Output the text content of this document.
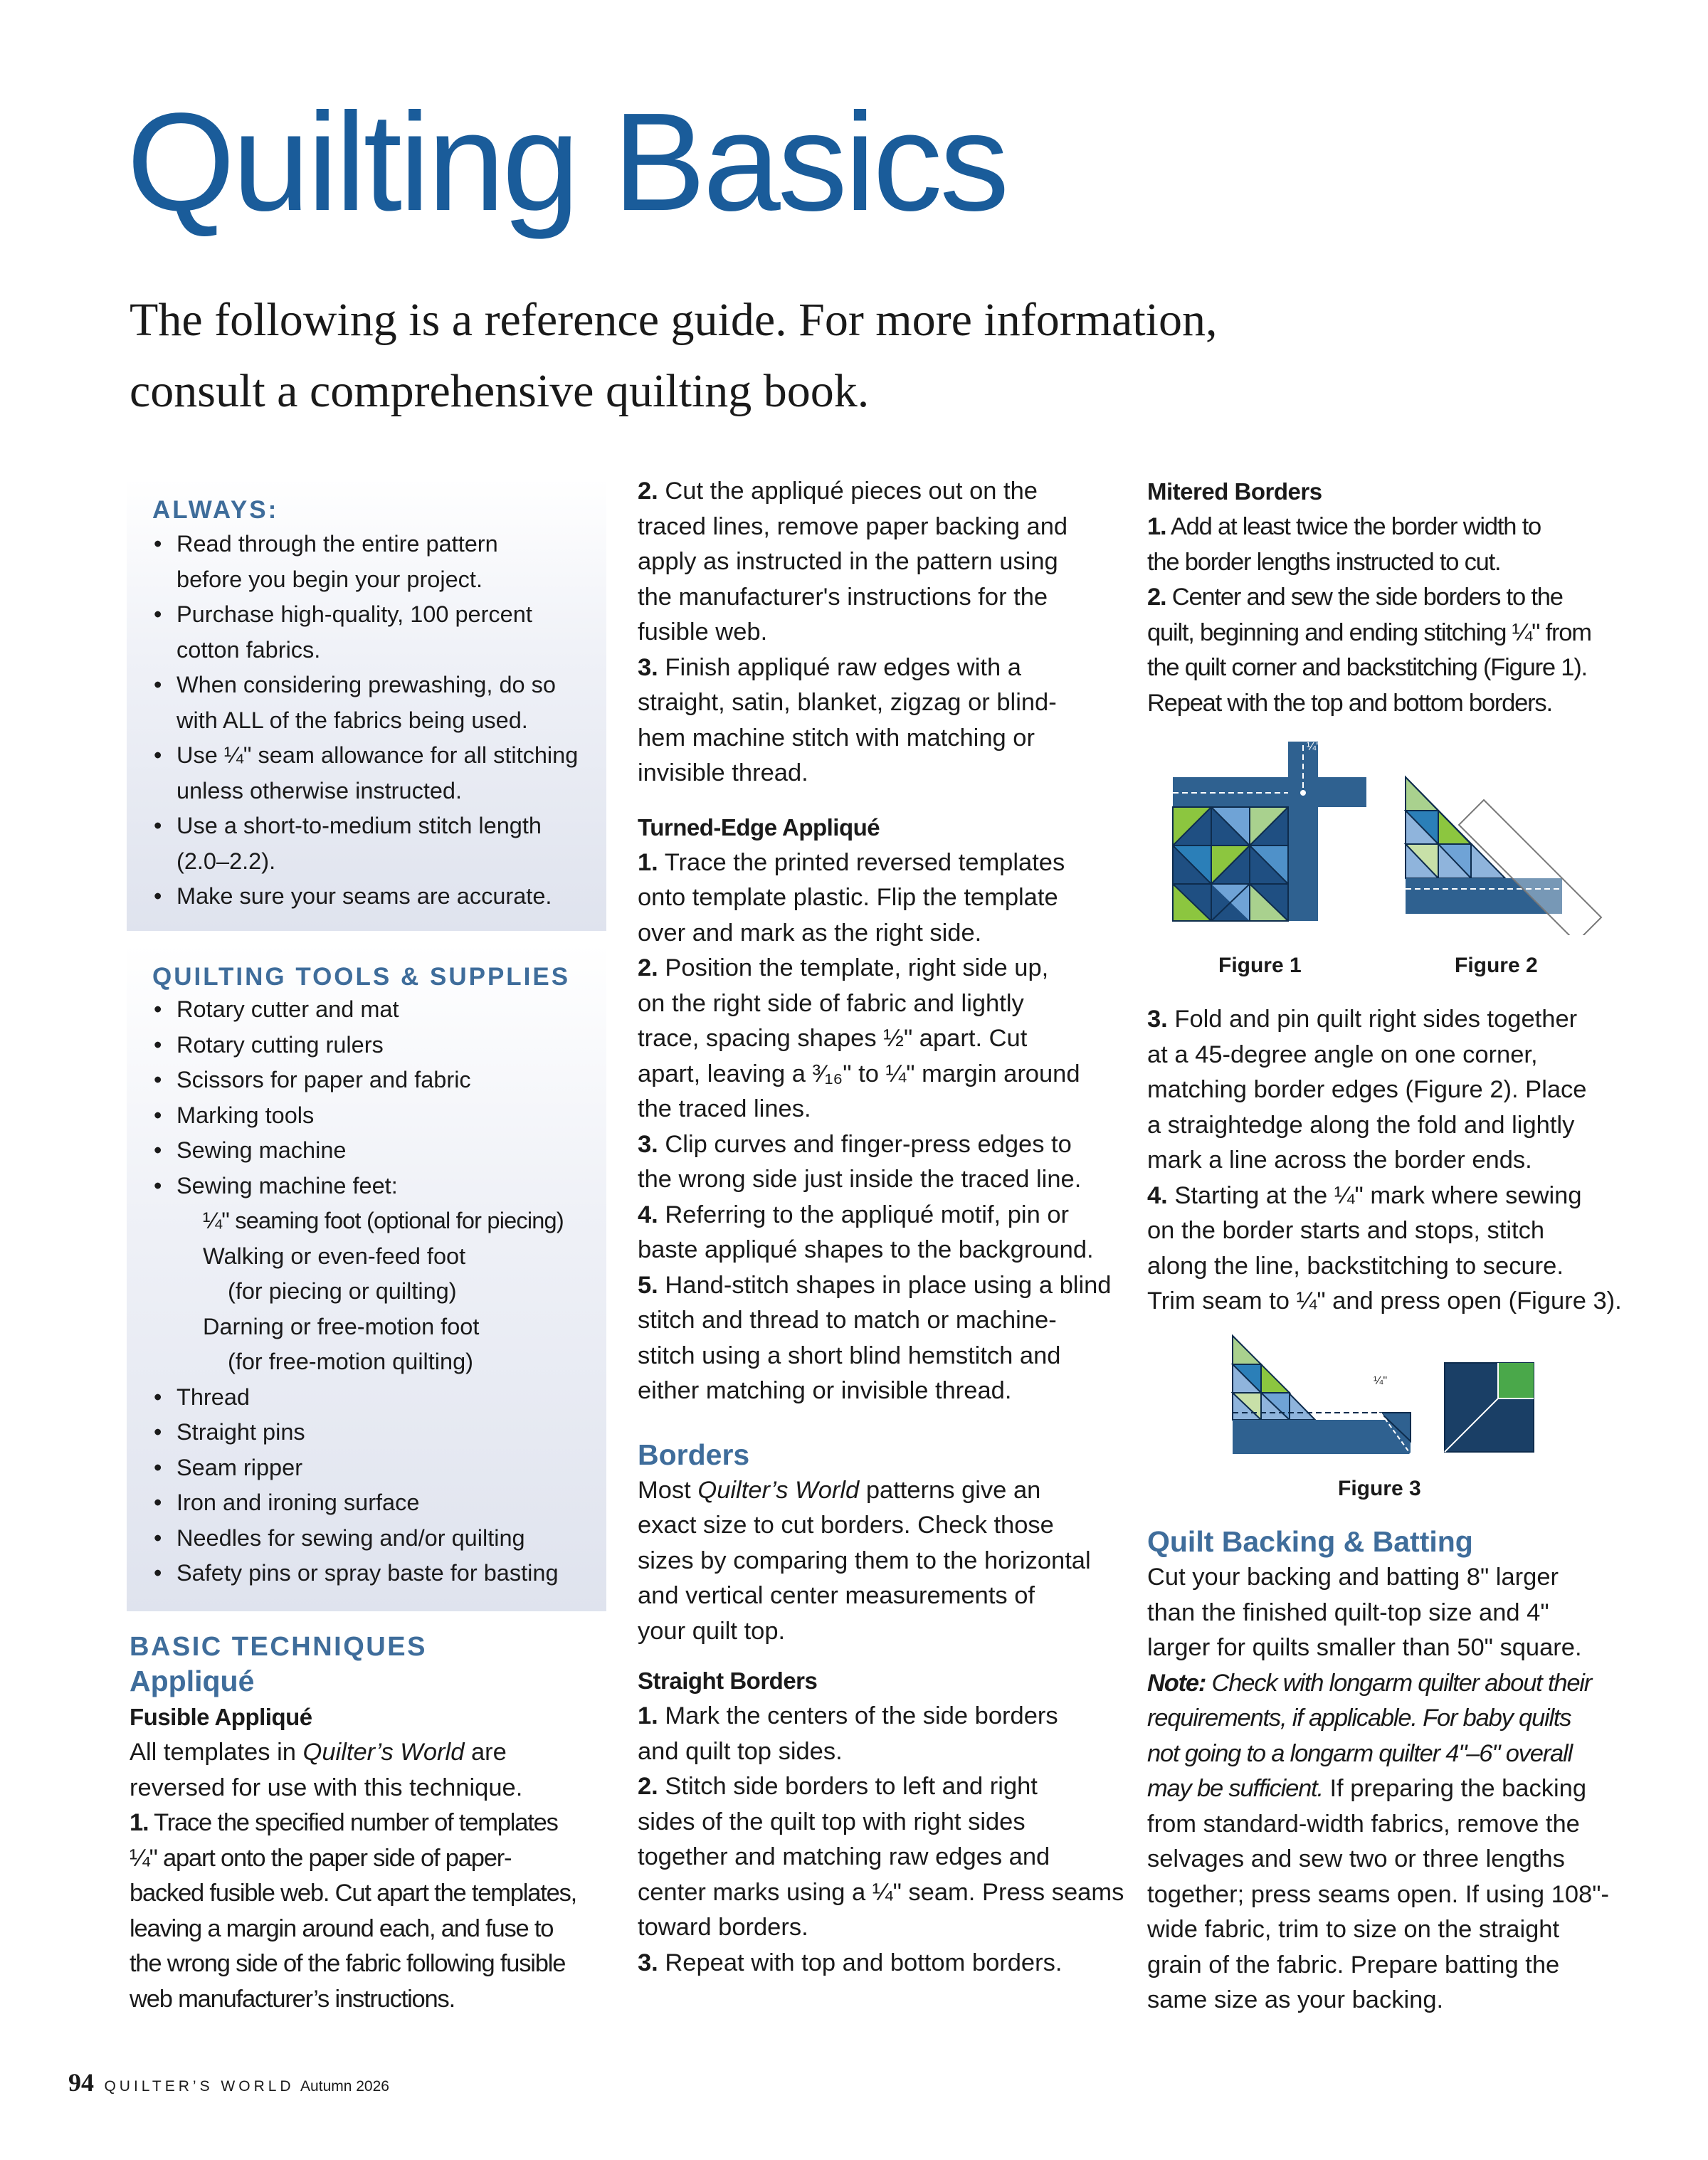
Quilting Basics
The following is a reference guide. For more information,
consult a comprehensive quilting book.
ALWAYS:
• Read through the entire pattern
before you begin your project.
• Purchase high-quality, 100 percent
cotton fabrics.
• When considering prewashing, do so
with ALL of the fabrics being used.
• Use ¼" seam allowance for all stitching
unless otherwise instructed.
• Use a short-to-medium stitch length
(2.0–2.2).
• Make sure your seams are accurate.
QUILTING TOOLS & SUPPLIES
• Rotary cutter and mat
• Rotary cutting rulers
• Scissors for paper and fabric
• Marking tools
• Sewing machine
• Sewing machine feet:
¼" seaming foot (optional for piecing)
Walking or even-feed foot
(for piecing or quilting)
Darning or free-motion foot
(for free-motion quilting)
• Thread
• Straight pins
• Seam ripper
• Iron and ironing surface
• Needles for sewing and/or quilting
• Safety pins or spray baste for basting
BASIC TECHNIQUES
Appliqué
Fusible Appliqué
All templates in Quilter’s World are
reversed for use with this technique.
1. Trace the specified number of templates
¼" apart onto the paper side of paper-
backed fusible web. Cut apart the templates,
leaving a margin around each, and fuse to
the wrong side of the fabric following fusible
web manufacturer’s instructions.
2. Cut the appliqué pieces out on the
traced lines, remove paper backing and
apply as instructed in the pattern using
the manufacturer's instructions for the
fusible web.
3. Finish appliqué raw edges with a
straight, satin, blanket, zigzag or blind-
hem machine stitch with matching or
invisible thread.
Turned-Edge Appliqué
1. Trace the printed reversed templates
onto template plastic. Flip the template
over and mark as the right side.
2. Position the template, right side up,
on the right side of fabric and lightly
trace, spacing shapes ½" apart. Cut
apart, leaving a ³⁄₁₆" to ¼" margin around
the traced lines.
3. Clip curves and finger-press edges to
the wrong side just inside the traced line.
4. Referring to the appliqué motif, pin or
baste appliqué shapes to the background.
5. Hand-stitch shapes in place using a blind
stitch and thread to match or machine-
stitch using a short blind hemstitch and
either matching or invisible thread.
Borders
Most Quilter’s World patterns give an
exact size to cut borders. Check those
sizes by comparing them to the horizontal
and vertical center measurements of
your quilt top.
Straight Borders
1. Mark the centers of the side borders
and quilt top sides.
2. Stitch side borders to left and right
sides of the quilt top with right sides
together and matching raw edges and
center marks using a ¼" seam. Press seams
toward borders.
3. Repeat with top and bottom borders.
Mitered Borders
1. Add at least twice the border width to
the border lengths instructed to cut.
2. Center and sew the side borders to the
quilt, beginning and ending stitching ¼" from
the quilt corner and backstitching (Figure 1).
Repeat with the top and bottom borders.
¼"
Figure 1	Figure 2
3. Fold and pin quilt right sides together
at a 45-degree angle on one corner,
matching border edges (Figure 2). Place
a straightedge along the fold and lightly
mark a line across the border ends.
4. Starting at the ¼" mark where sewing
on the border starts and stops, stitch
along the line, backstitching to secure.
Trim seam to ¼" and press open (Figure 3).
¼"
Figure 3
Quilt Backing & Batting
Cut your backing and batting 8" larger
than the finished quilt-top size and 4"
larger for quilts smaller than 50" square.
Note: Check with longarm quilter about their
requirements, if applicable. For baby quilts
not going to a longarm quilter 4"–6" overall
may be sufficient. If preparing the backing
from standard-width fabrics, remove the
selvages and sew two or three lengths
together; press seams open. If using 108"-
wide fabric, trim to size on the straight
grain of the fabric. Prepare batting the
same size as your backing.
94 QUILTER’S WORLD Autumn 2026
